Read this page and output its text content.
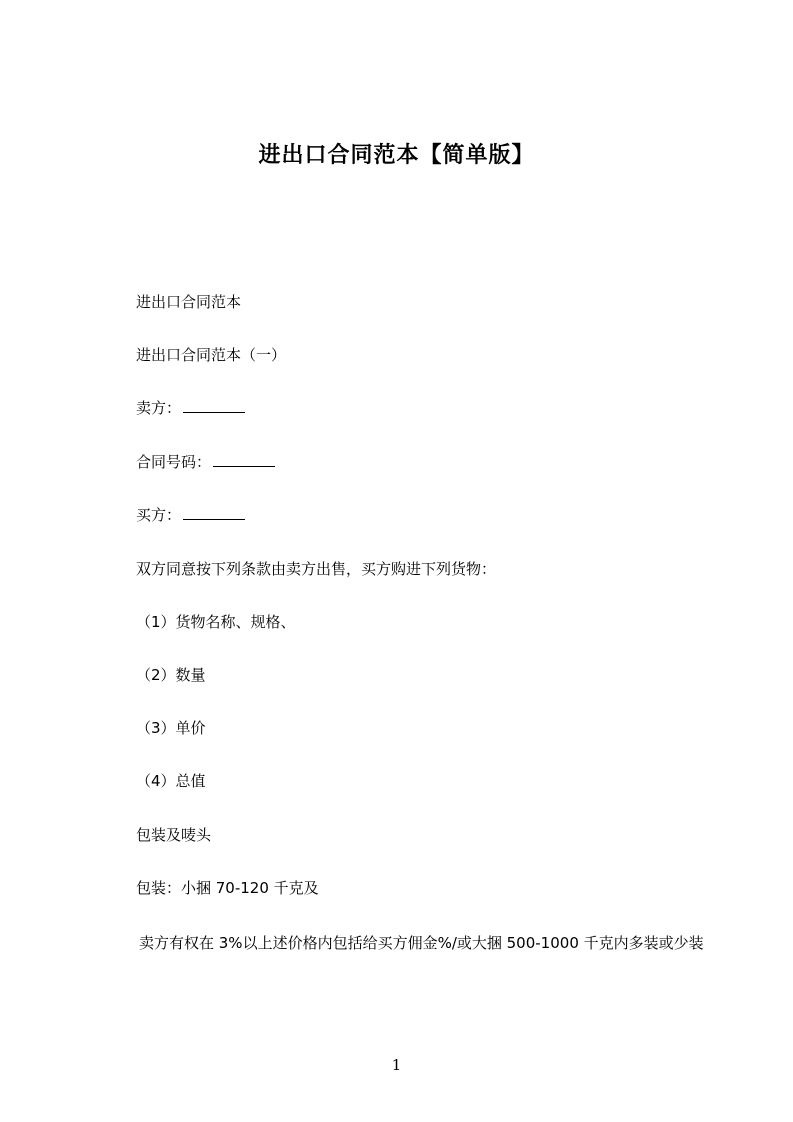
进出口合同范本【简单版】
进出口合同范本
进出口合同范本（一）
卖方：
合同号码：
买方：
双方同意按下列条款由卖方出售，买方购进下列货物：
（1）货物名称、规格、
（2）数量
（3）单价
（4）总值
包装及唛头
包装：小捆 70-120 千克及
卖方有权在 3%以上述价格内包括给买方佣金%/或大捆 500-1000 千克内多装或少装
1
